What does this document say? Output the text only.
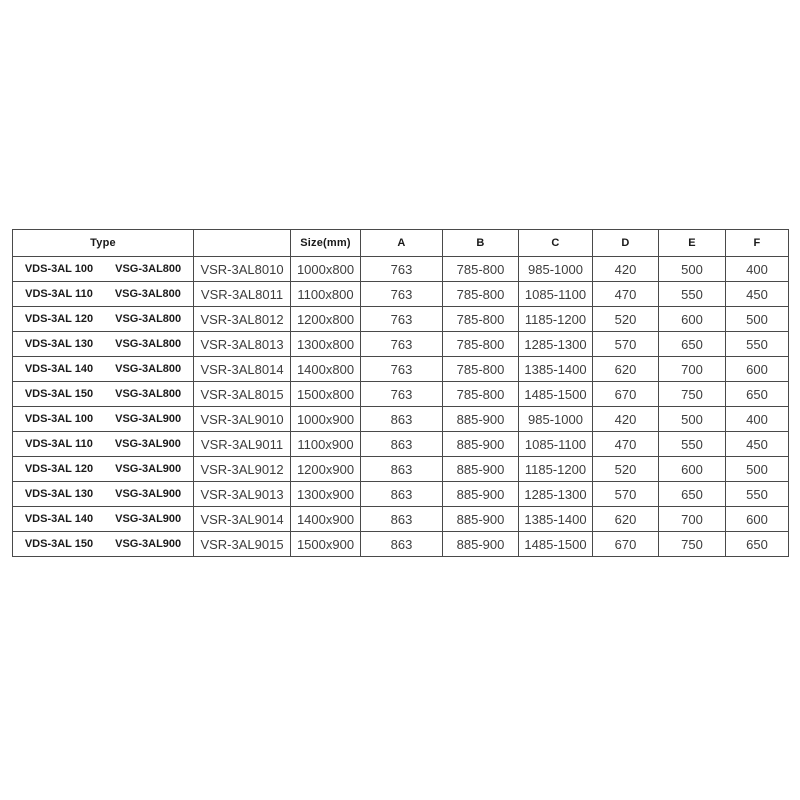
Type		Size(mm)	A	B	C	D	E	F
VDS-3AL 100 VSG-3AL800	VSR-3AL8010	1000x800	763	785-800	985-1000	420	500	400
VDS-3AL 110 VSG-3AL800	VSR-3AL8011	1100x800	763	785-800	1085-1100	470	550	450
VDS-3AL 120 VSG-3AL800	VSR-3AL8012	1200x800	763	785-800	1185-1200	520	600	500
VDS-3AL 130 VSG-3AL800	VSR-3AL8013	1300x800	763	785-800	1285-1300	570	650	550
VDS-3AL 140 VSG-3AL800	VSR-3AL8014	1400x800	763	785-800	1385-1400	620	700	600
VDS-3AL 150 VSG-3AL800	VSR-3AL8015	1500x800	763	785-800	1485-1500	670	750	650
VDS-3AL 100 VSG-3AL900	VSR-3AL9010	1000x900	863	885-900	985-1000	420	500	400
VDS-3AL 110 VSG-3AL900	VSR-3AL9011	1100x900	863	885-900	1085-1100	470	550	450
VDS-3AL 120 VSG-3AL900	VSR-3AL9012	1200x900	863	885-900	1185-1200	520	600	500
VDS-3AL 130 VSG-3AL900	VSR-3AL9013	1300x900	863	885-900	1285-1300	570	650	550
VDS-3AL 140 VSG-3AL900	VSR-3AL9014	1400x900	863	885-900	1385-1400	620	700	600
VDS-3AL 150 VSG-3AL900	VSR-3AL9015	1500x900	863	885-900	1485-1500	670	750	650
